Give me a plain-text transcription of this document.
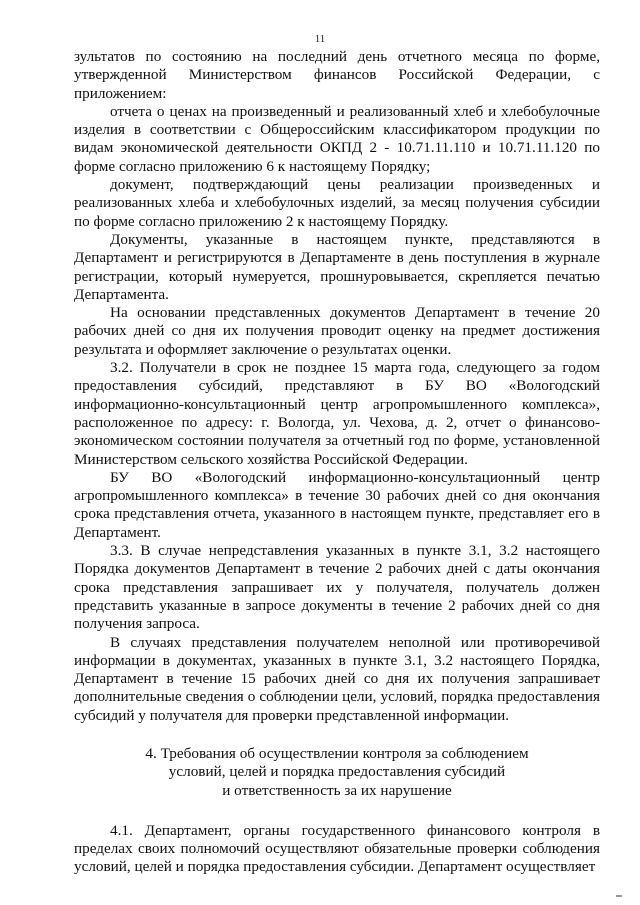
11

зультатов по состоянию на последний день отчетного месяца по форме, утвержденной Министерством финансов Российской Федерации, с приложением:

отчета о ценах на произведенный и реализованный хлеб и хлебобулочные изделия в соответствии с Общероссийским классификатором продукции по видам экономической деятельности ОКПД 2 - 10.71.11.110 и 10.71.11.120 по форме согласно приложению 6 к настоящему Порядку;

документ, подтверждающий цены реализации произведенных и реализованных хлеба и хлебобулочных изделий, за месяц получения субсидии по форме согласно приложению 2 к настоящему Порядку.

Документы, указанные в настоящем пункте, представляются в Департамент и регистрируются в Департаменте в день поступления в журнале регистрации, который нумеруется, прошнуровывается, скрепляется печатью Департамента.

На основании представленных документов Департамент в течение 20 рабочих дней со дня их получения проводит оценку на предмет достижения результата и оформляет заключение о результатах оценки.

3.2. Получатели в срок не позднее 15 марта года, следующего за годом предоставления субсидий, представляют в БУ ВО «Вологодский информационно-консультационный центр агропромышленного комплекса», расположенное по адресу: г. Вологда, ул. Чехова, д. 2, отчет о финансово-экономическом состоянии получателя за отчетный год по форме, установленной Министерством сельского хозяйства Российской Федерации.

БУ ВО «Вологодский информационно-консультационный центр агропромышленного комплекса» в течение 30 рабочих дней со дня окончания срока представления отчета, указанного в настоящем пункте, представляет его в Департамент.

3.3. В случае непредставления указанных в пункте 3.1, 3.2 настоящего Порядка документов Департамент в течение 2 рабочих дней с даты окончания срока представления запрашивает их у получателя, получатель должен представить указанные в запросе документы в течение 2 рабочих дней со дня получения запроса.

В случаях представления получателем неполной или противоречивой информации в документах, указанных в пункте 3.1, 3.2 настоящего Порядка, Департамент в течение 15 рабочих дней со дня их получения запрашивает дополнительные сведения о соблюдении цели, условий, порядка предоставления субсидий у получателя для проверки представленной информации.

4. Требования об осуществлении контроля за соблюдением
условий, целей и порядка предоставления субсидий
и ответственность за их нарушение

4.1. Департамент, органы государственного финансового контроля в пределах своих полномочий осуществляют обязательные проверки соблюдения условий, целей и порядка предоставления субсидии. Департамент осуществляет
